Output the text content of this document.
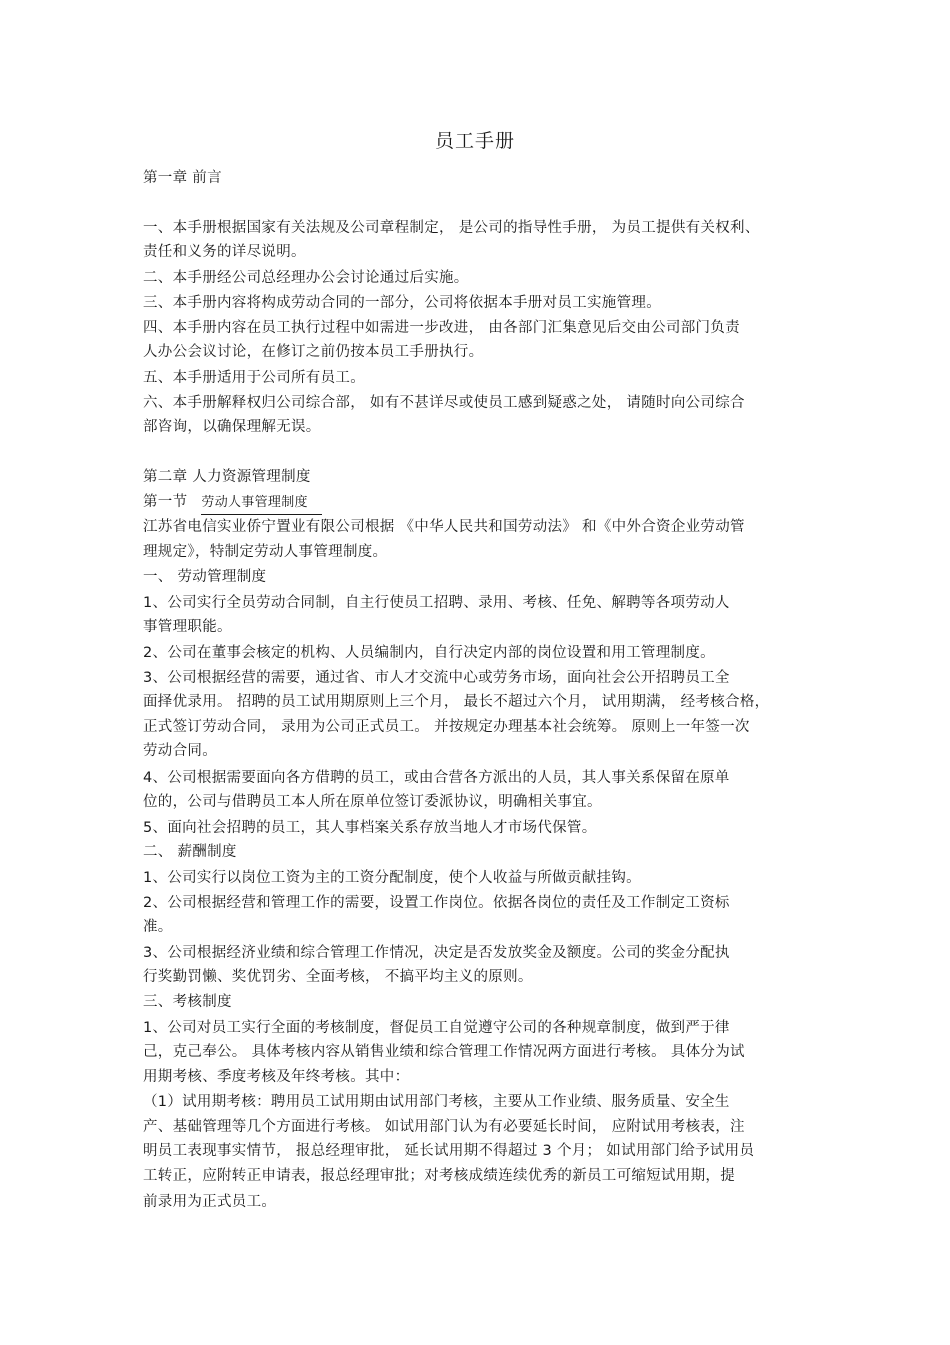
员工手册
第一章 前言
一、本手册根据国家有关法规及公司章程制定， 是公司的指导性手册， 为员工提供有关权利、
责任和义务的详尽说明。
二、本手册经公司总经理办公会讨论通过后实施。
三、本手册内容将构成劳动合同的一部分，公司将依据本手册对员工实施管理。
四、本手册内容在员工执行过程中如需进一步改进， 由各部门汇集意见后交由公司部门负责
人办公会议讨论，在修订之前仍按本员工手册执行。
五、本手册适用于公司所有员工。
六、本手册解释权归公司综合部， 如有不甚详尽或使员工感到疑惑之处， 请随时向公司综合
部咨询，以确保理解无误。
第二章 人力资源管理制度
第一节 劳动人事管理制度
江苏省电信实业侨宁置业有限公司根据 《中华人民共和国劳动法》 和《中外合资企业劳动管
理规定》，特制定劳动人事管理制度。
一、 劳动管理制度
1、公司实行全员劳动合同制，自主行使员工招聘、录用、考核、任免、解聘等各项劳动人
事管理职能。
2、公司在董事会核定的机构、人员编制内，自行决定内部的岗位设置和用工管理制度。
3、公司根据经营的需要，通过省、市人才交流中心或劳务市场，面向社会公开招聘员工全
面择优录用。 招聘的员工试用期原则上三个月， 最长不超过六个月， 试用期满， 经考核合格，
正式签订劳动合同， 录用为公司正式员工。 并按规定办理基本社会统筹。 原则上一年签一次
劳动合同。
4、公司根据需要面向各方借聘的员工，或由合营各方派出的人员，其人事关系保留在原单
位的，公司与借聘员工本人所在原单位签订委派协议，明确相关事宜。
5、面向社会招聘的员工，其人事档案关系存放当地人才市场代保管。
二、 薪酬制度
1、公司实行以岗位工资为主的工资分配制度，使个人收益与所做贡献挂钩。
2、公司根据经营和管理工作的需要，设置工作岗位。依据各岗位的责任及工作制定工资标
准。
3、公司根据经济业绩和综合管理工作情况，决定是否发放奖金及额度。公司的奖金分配执
行奖勤罚懒、奖优罚劣、全面考核， 不搞平均主义的原则。
三、考核制度
1、公司对员工实行全面的考核制度，督促员工自觉遵守公司的各种规章制度，做到严于律
己，克己奉公。 具体考核内容从销售业绩和综合管理工作情况两方面进行考核。 具体分为试
用期考核、季度考核及年终考核。其中：
（1）试用期考核：聘用员工试用期由试用部门考核，主要从工作业绩、服务质量、安全生
产、基础管理等几个方面进行考核。 如试用部门认为有必要延长时间， 应附试用考核表，注
明员工表现事实情节， 报总经理审批， 延长试用期不得超过 3 个月； 如试用部门给予试用员
工转正，应附转正申请表，报总经理审批；对考核成绩连续优秀的新员工可缩短试用期，提
前录用为正式员工。
